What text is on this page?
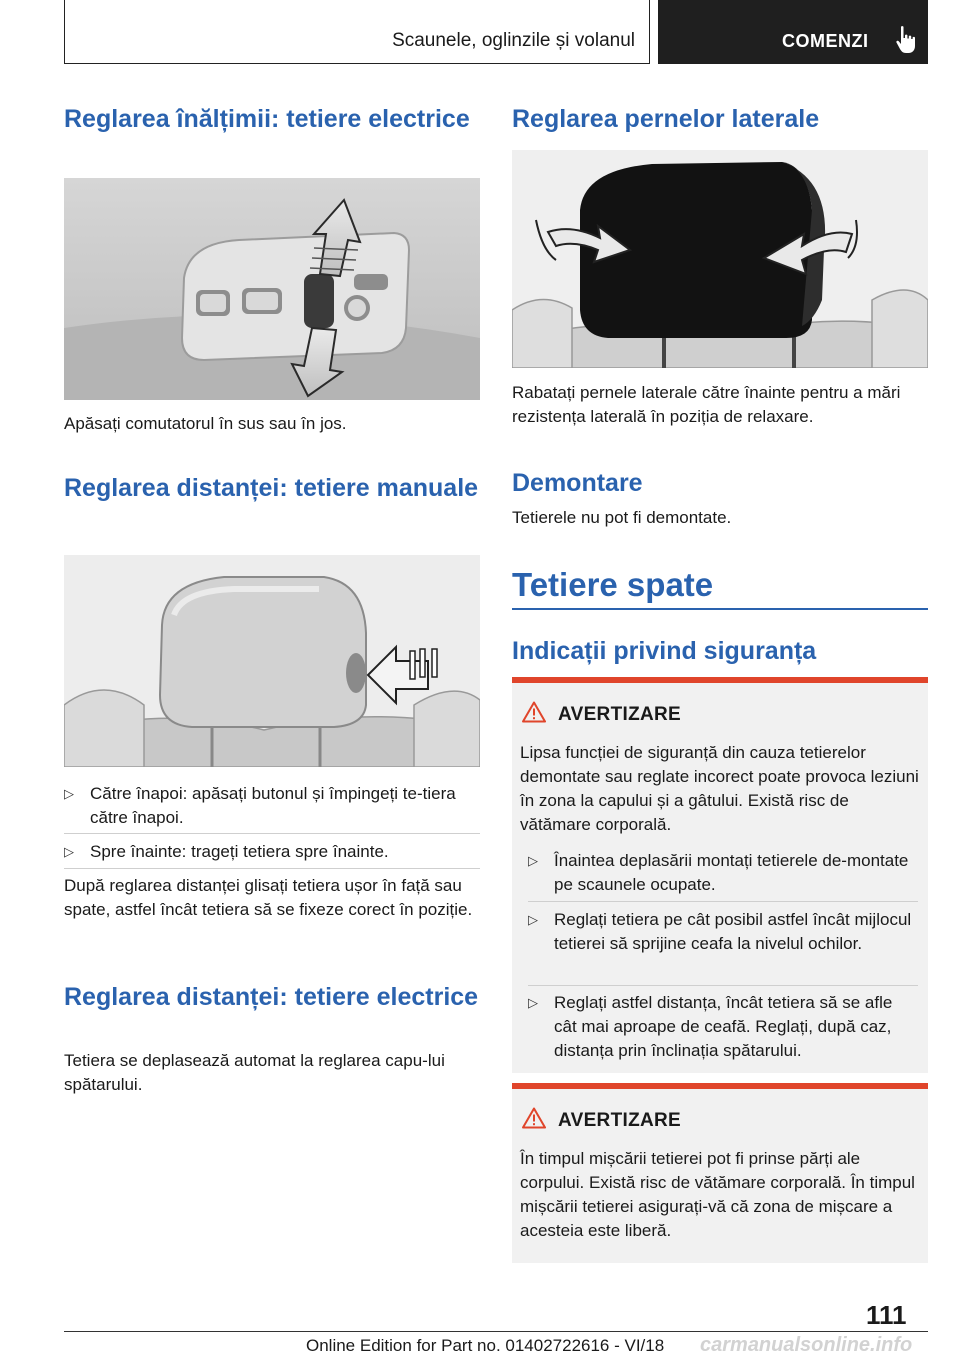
Scaunele, oglinzile și volanul	COMENZI
Reglarea înălțimii: tetiere electrice

Apăsați comutatorul în sus sau în jos.

Reglarea distanței: tetiere manuale
▷ Către înapoi: apăsați butonul și împingeți te‐tiera către înapoi.
▷ Spre înainte: trageți tetiera spre înainte.

După reglarea distanței glisați tetiera ușor în față sau spate, astfel încât tetiera să se fixeze corect în poziție.

Reglarea distanței: tetiere electrice

Tetiera se deplasează automat la reglarea capu‐lui spătarului.

Reglarea pernelor laterale

Rabatați pernele laterale către înainte pentru a mări rezistența laterală în poziția de relaxare.

Demontare

Tetierele nu pot fi demontate.

Tetiere spate
Indicații privind siguranța
AVERTIZARE

Lipsa funcției de siguranță din cauza tetierelor demontate sau reglate incorect poate provoca leziuni în zona la capului și a gâtului. Există risc de vătămare corporală.

▷ Înaintea deplasării montați tetierele de‐montate pe scaunele ocupate.
▷ Reglați tetiera pe cât posibil astfel încât mijlocul tetierei să sprijine ceafa la nivelul ochilor.
▷ Reglați astfel distanța, încât tetiera să se afle cât mai aproape de ceafă. Reglați, după caz, distanța prin înclinația spătarului.
AVERTIZARE

În timpul mișcării tetierei pot fi prinse părți ale corpului. Există risc de vătămare corporală. În timpul mișcării tetierei asigurați-vă că zona de mișcare a acesteia este liberă.

111
Online Edition for Part no. 01402722616 - VI/18 carmanualsonline.info
